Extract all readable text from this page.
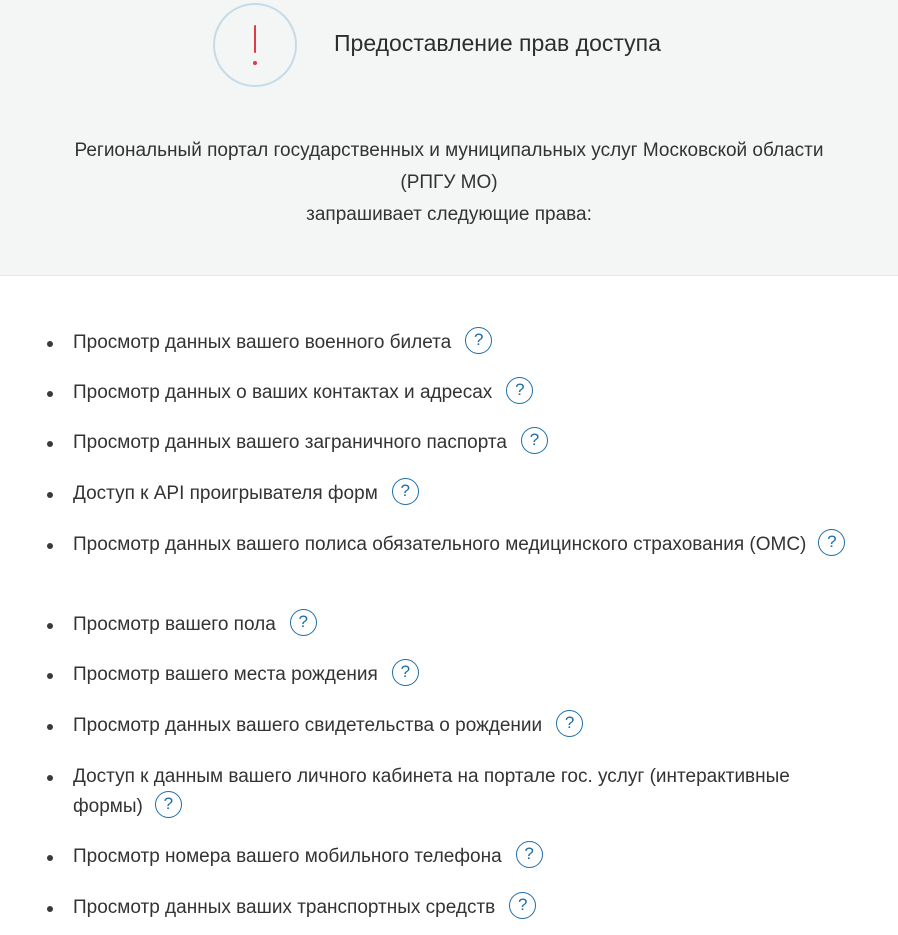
Предоставление прав доступа
Региональный портал государственных и муниципальных услуг Московской области
(РПГУ МО)
запрашивает следующие права:
Просмотр данных вашего военного билета ?
Просмотр данных о ваших контактах и адресах ?
Просмотр данных вашего заграничного паспорта ?
Доступ к API проигрывателя форм ?
Просмотр данных вашего полиса обязательного медицинского страхования (ОМС) ?
Просмотр вашего пола ?
Просмотр вашего места рождения ?
Просмотр данных вашего свидетельства о рождении ?
Доступ к данным вашего личного кабинета на портале гос. услуг (интерактивные формы) ?
Просмотр номера вашего мобильного телефона ?
Просмотр данных ваших транспортных средств ?
